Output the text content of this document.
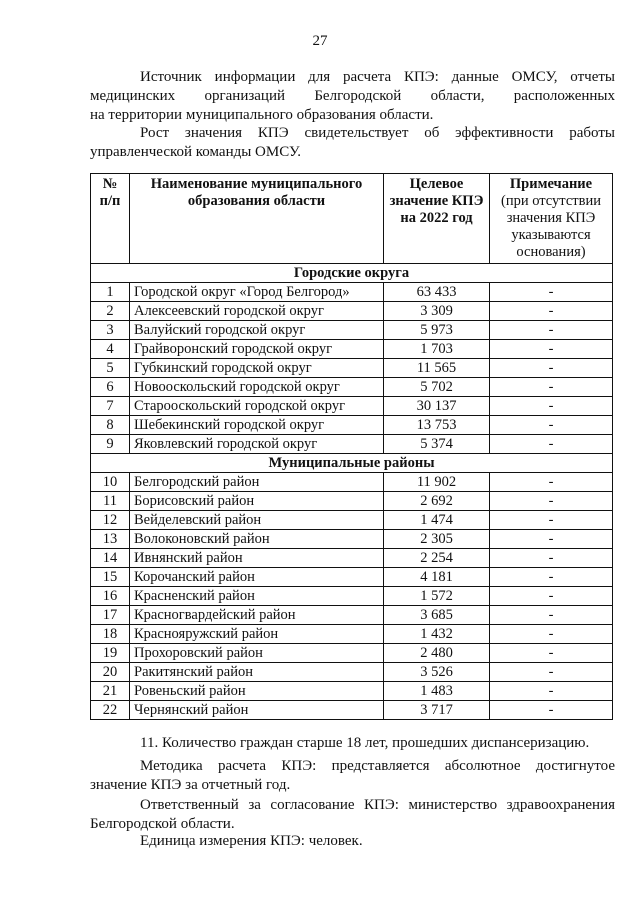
27
Источник информации для расчета КПЭ: данные ОМСУ, отчеты медицинских организаций Белгородской области, расположенных
на территории муниципального образования области.
Рост значения КПЭ свидетельствует об эффективности работы управленческой команды ОМСУ.
№ п/п	Наименование муниципального образования области	Целевое значение КПЭ на 2022 год	Примечание
(при отсутствии значения КПЭ указываются основания)
Городские округа			
1	Городской округ «Город Белгород»	63 433	-
2	Алексеевский городской округ	3 309	-
3	Валуйский городской округ	5 973	-
4	Грайворонский городской округ	1 703	-
5	Губкинский городской округ	11 565	-
6	Новооскольский городской округ	5 702	-
7	Старооскольский городской округ	30 137	-
8	Шебекинский городской округ	13 753	-
9	Яковлевский городской округ	5 374	-
Муниципальные районы			
10	Белгородский район	11 902	-
11	Борисовский район	2 692	-
12	Вейделевский район	1 474	-
13	Волоконовский район	2 305	-
14	Ивнянский район	2 254	-
15	Корочанский район	4 181	-
16	Красненский район	1 572	-
17	Красногвардейский район	3 685	-
18	Краснояружский район	1 432	-
19	Прохоровский район	2 480	-
20	Ракитянский район	3 526	-
21	Ровеньский район	1 483	-
22	Чернянский район	3 717	-
11. Количество граждан старше 18 лет, прошедших диспансеризацию.
Методика расчета КПЭ: представляется абсолютное достигнутое значение КПЭ за отчетный год.
Ответственный за согласование КПЭ: министерство здравоохранения Белгородской области.
Единица измерения КПЭ: человек.
